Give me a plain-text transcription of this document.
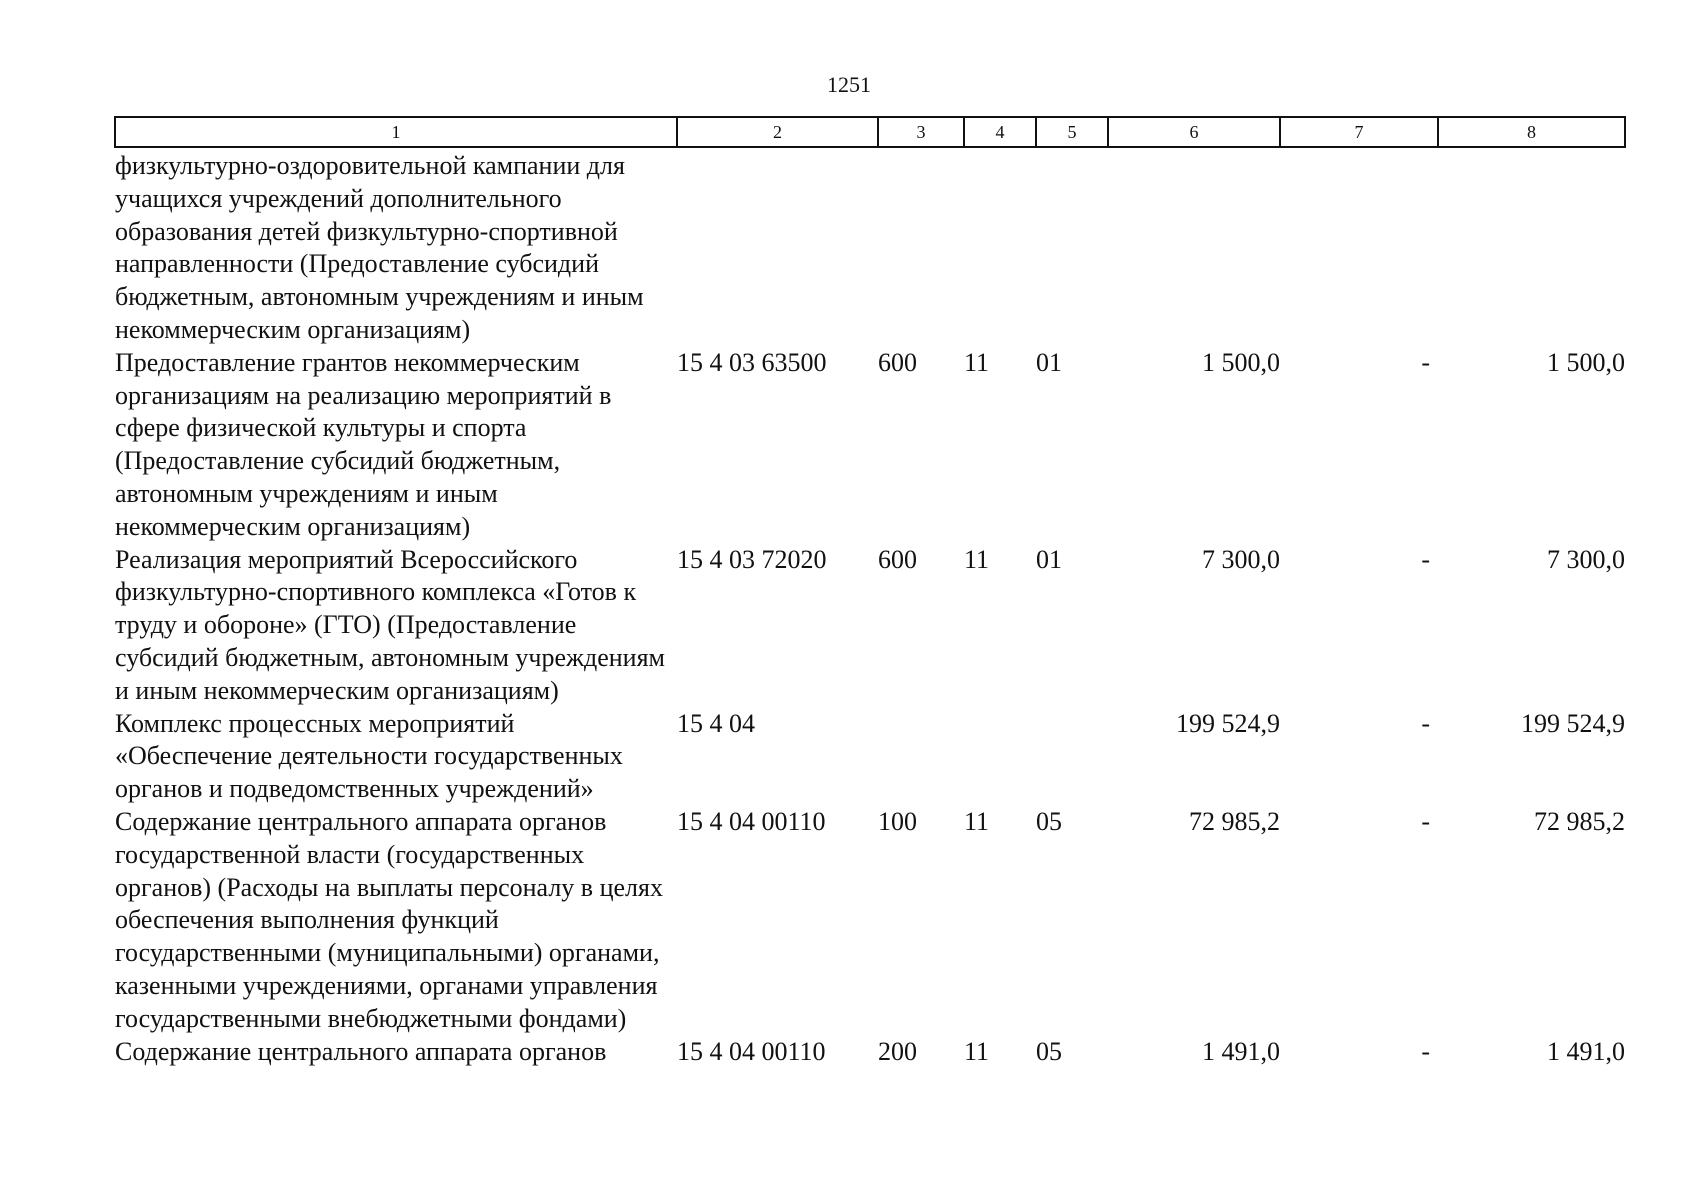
1251
1	2	3	4	5	6	7	8
физкультурно-оздоровительной кампании для учащихся учреждений дополнительного образования детей физкультурно-спортивной направленности (Предоставление субсидий бюджетным, автономным учреждениям и иным некоммерческим организациям)							
Предоставление грантов некоммерческим организациям на реализацию мероприятий в сфере физической культуры и спорта (Предоставление субсидий бюджетным, автономным учреждениям и иным некоммерческим организациям)	15 4 03 63500	600	11	01	1 500,0	-	1 500,0
Реализация мероприятий Всероссийского физкультурно-спортивного комплекса «Готов к труду и обороне» (ГТО) (Предоставление субсидий бюджетным, автономным учреждениям и иным некоммерческим организациям)	15 4 03 72020	600	11	01	7 300,0	-	7 300,0
Комплекс процессных мероприятий «Обеспечение деятельности государственных органов и подведомственных учреждений»	15 4 04				199 524,9	-	199 524,9
Содержание центрального аппарата органов государственной власти (государственных органов) (Расходы на выплаты персоналу в целях обеспечения выполнения функций государственными (муниципальными) органами, казенными учреждениями, органами управления государственными внебюджетными фондами)	15 4 04 00110	100	11	05	72 985,2	-	72 985,2
Содержание центрального аппарата органов	15 4 04 00110	200	11	05	1 491,0	-	1 491,0
